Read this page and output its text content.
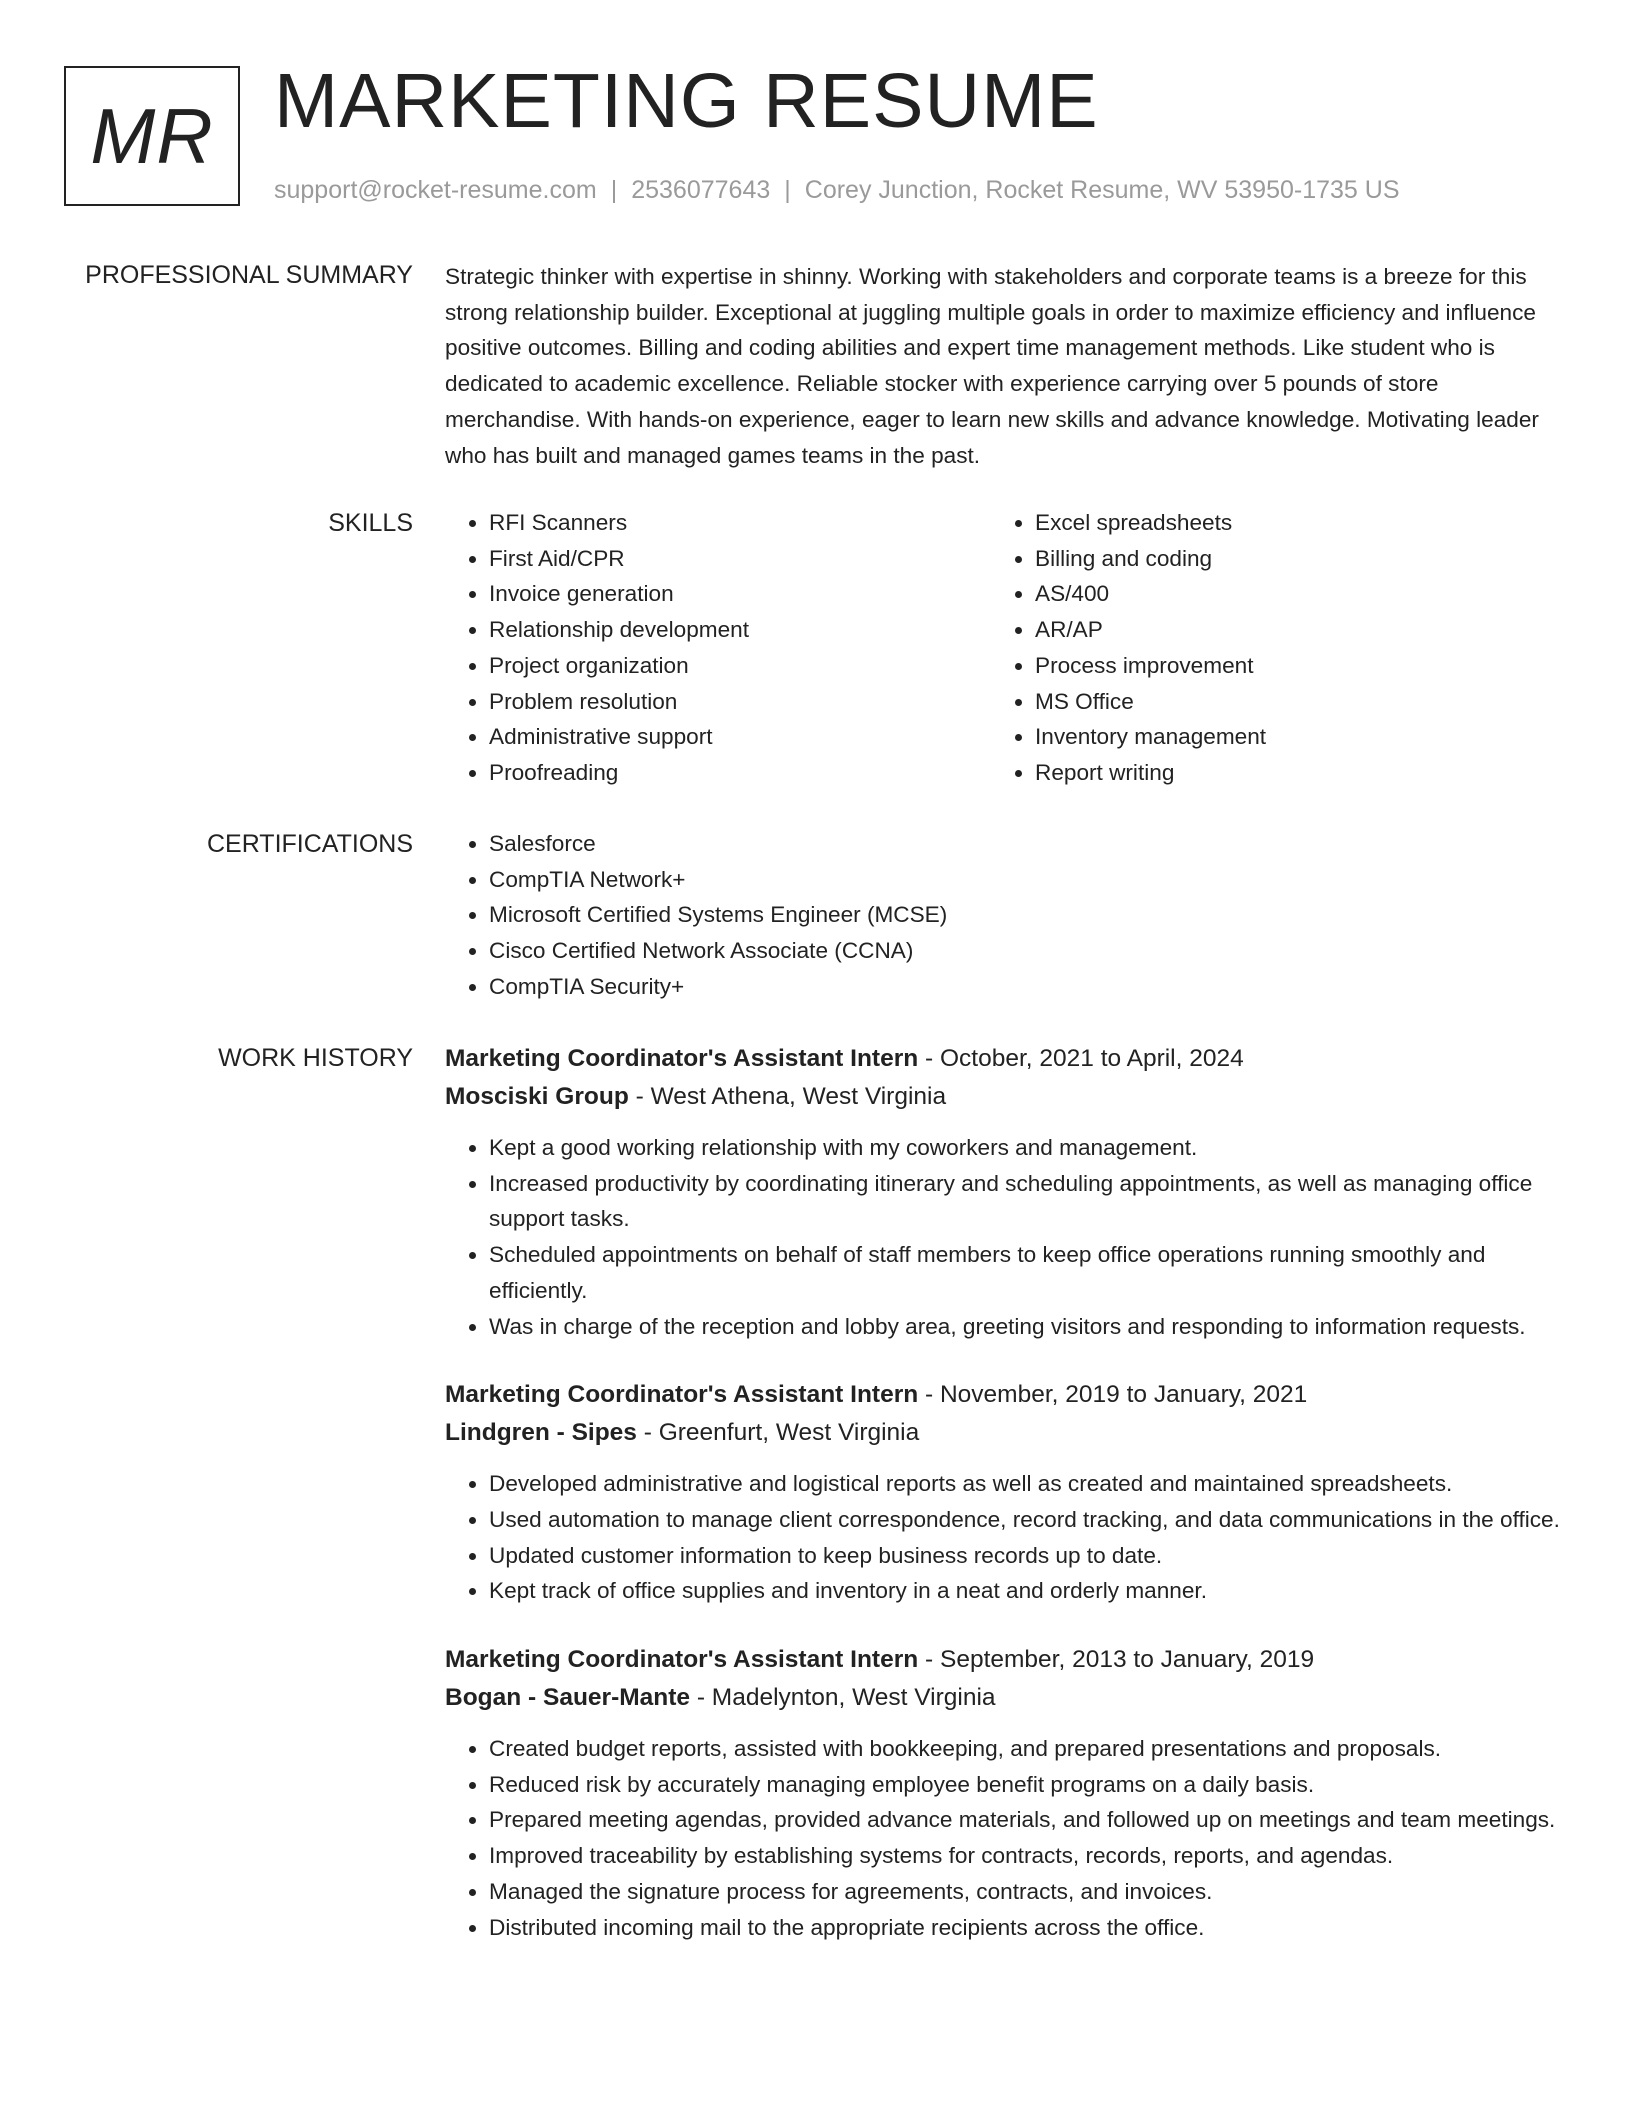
MR MARKETING RESUME
support@rocket-resume.com | 2536077643 | Corey Junction, Rocket Resume, WV 53950-1735 US
PROFESSIONAL SUMMARY Strategic thinker with expertise in shinny. Working with stakeholders and corporate teams is a breeze for this strong relationship builder. Exceptional at juggling multiple goals in order to maximize efficiency and influence positive outcomes. Billing and coding abilities and expert time management methods. Like student who is dedicated to academic excellence. Reliable stocker with experience carrying over 5 pounds of store merchandise. With hands-on experience, eager to learn new skills and advance knowledge. Motivating leader who has built and managed games teams in the past.

SKILLS	• RFI Scanners
• First Aid/CPR
• Invoice generation
• Relationship development
• Project organization
• Problem resolution
• Administrative support
• Proofreading
• Excel spreadsheets
• Billing and coding
• AS/400
• AR/AP
• Process improvement
• MS Office
• Inventory management
• Report writing
CERTIFICATIONS	• Salesforce
• CompTIA Network+
• Microsoft Certified Systems Engineer (MCSE)
• Cisco Certified Network Associate (CCNA)
• CompTIA Security+
WORK HISTORY Marketing Coordinator's Assistant Intern - October, 2021 to April, 2024
Mosciski Group - West Athena, West Virginia
• Kept a good working relationship with my coworkers and management.
• Increased productivity by coordinating itinerary and scheduling appointments, as well as managing office support tasks.
• Scheduled appointments on behalf of staff members to keep office operations running smoothly and efficiently.
• Was in charge of the reception and lobby area, greeting visitors and responding to information requests.
Marketing Coordinator's Assistant Intern - November, 2019 to January, 2021
Lindgren - Sipes - Greenfurt, West Virginia
• Developed administrative and logistical reports as well as created and maintained spreadsheets.
• Used automation to manage client correspondence, record tracking, and data communications in the office.
• Updated customer information to keep business records up to date.
• Kept track of office supplies and inventory in a neat and orderly manner.
Marketing Coordinator's Assistant Intern - September, 2013 to January, 2019
Bogan - Sauer-Mante - Madelynton, West Virginia
• Created budget reports, assisted with bookkeeping, and prepared presentations and proposals.
• Reduced risk by accurately managing employee benefit programs on a daily basis.
• Prepared meeting agendas, provided advance materials, and followed up on meetings and team meetings.
• Improved traceability by establishing systems for contracts, records, reports, and agendas.
• Managed the signature process for agreements, contracts, and invoices.
• Distributed incoming mail to the appropriate recipients across the office.
